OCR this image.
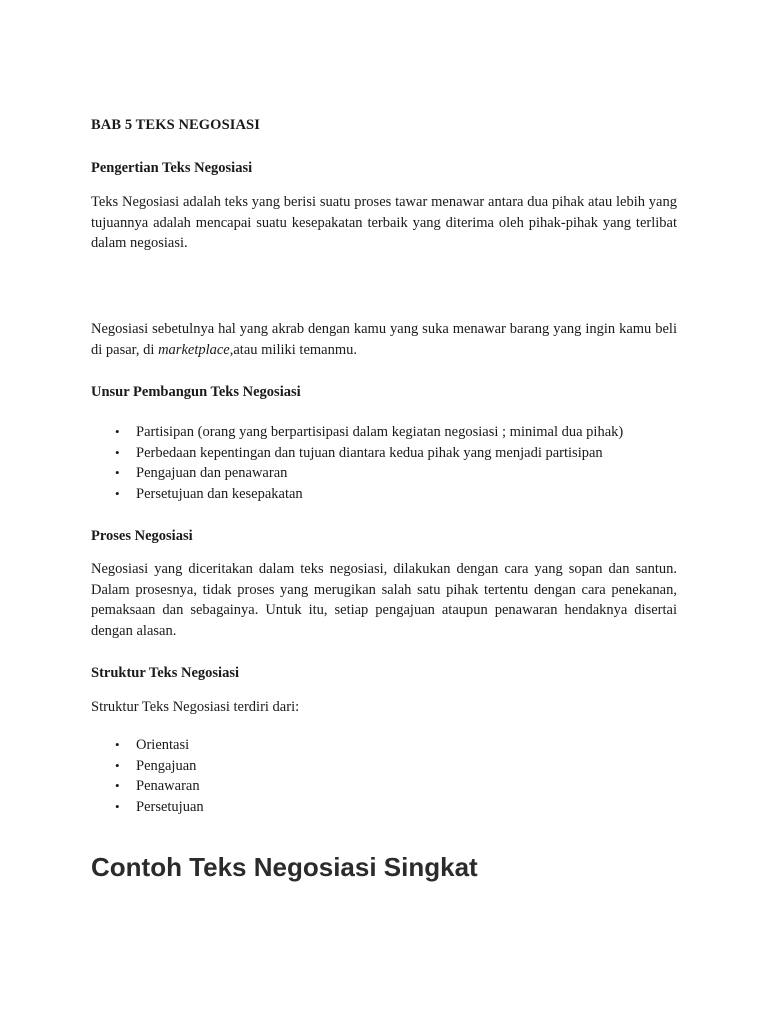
BAB 5 TEKS NEGOSIASI
Pengertian Teks Negosiasi

Teks Negosiasi adalah teks yang berisi suatu proses tawar menawar antara dua pihak atau lebih yang tujuannya adalah mencapai suatu kesepakatan terbaik yang diterima oleh pihak-pihak yang terlibat dalam negosiasi.

Negosiasi sebetulnya hal yang akrab dengan kamu yang suka menawar barang yang ingin kamu beli di pasar, di marketplace,atau miliki temanmu.

Unsur Pembangun Teks Negosiasi
• Partisipan (orang yang berpartisipasi dalam kegiatan negosiasi ; minimal dua pihak)
• Perbedaan kepentingan dan tujuan diantara kedua pihak yang menjadi partisipan
• Pengajuan dan penawaran
• Persetujuan dan kesepakatan
Proses Negosiasi

Negosiasi yang diceritakan dalam teks negosiasi, dilakukan dengan cara yang sopan dan santun. Dalam prosesnya, tidak proses yang merugikan salah satu pihak tertentu dengan cara penekanan, pemaksaan dan sebagainya. Untuk itu, setiap pengajuan ataupun penawaran hendaknya disertai dengan alasan.

Struktur Teks Negosiasi

Struktur Teks Negosiasi terdiri dari:

• Orientasi
• Pengajuan
• Penawaran
• Persetujuan
Contoh Teks Negosiasi Singkat
